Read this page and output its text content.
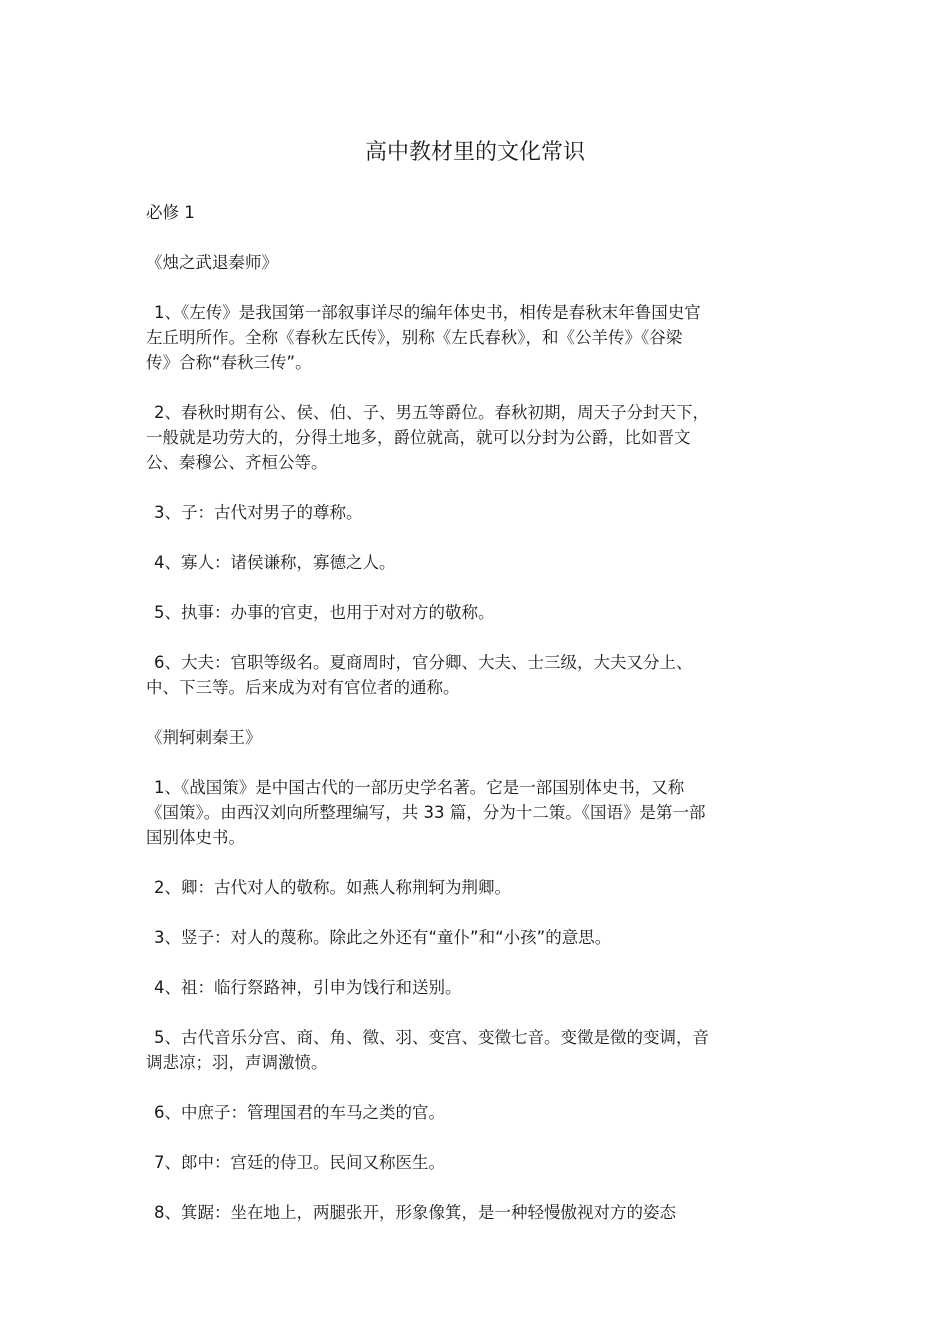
高中教材里的文化常识

必修 1

《烛之武退秦师》

1、《左传》是我国第一部叙事详尽的编年体史书，相传是春秋末年鲁国史官

左丘明所作。全称《春秋左氏传》，别称《左氏春秋》，和《公羊传》《谷梁

传》合称“春秋三传”。

2、春秋时期有公、侯、伯、子、男五等爵位。春秋初期，周天子分封天下，

一般就是功劳大的，分得土地多，爵位就高，就可以分封为公爵，比如晋文

公、秦穆公、齐桓公等。

3、子：古代对男子的尊称。

4、寡人：诸侯谦称，寡德之人。

5、执事：办事的官吏，也用于对对方的敬称。

6、大夫：官职等级名。夏商周时，官分卿、大夫、士三级，大夫又分上、

中、下三等。后来成为对有官位者的通称。

《荆轲刺秦王》

1、《战国策》是中国古代的一部历史学名著。它是一部国别体史书，又称

《国策》。由西汉刘向所整理编写，共 33 篇，分为十二策。《国语》是第一部

国别体史书。

2、卿：古代对人的敬称。如燕人称荆轲为荆卿。

3、竖子：对人的蔑称。除此之外还有“童仆”和“小孩”的意思。

4、祖：临行祭路神，引申为饯行和送别。

5、古代音乐分宫、商、角、徵、羽、变宫、变徵七音。变徵是徵的变调，音

调悲凉；羽，声调激愤。

6、中庶子：管理国君的车马之类的官。

7、郎中：宫廷的侍卫。民间又称医生。

8、箕踞：坐在地上，两腿张开，形象像箕，是一种轻慢傲视对方的姿态
